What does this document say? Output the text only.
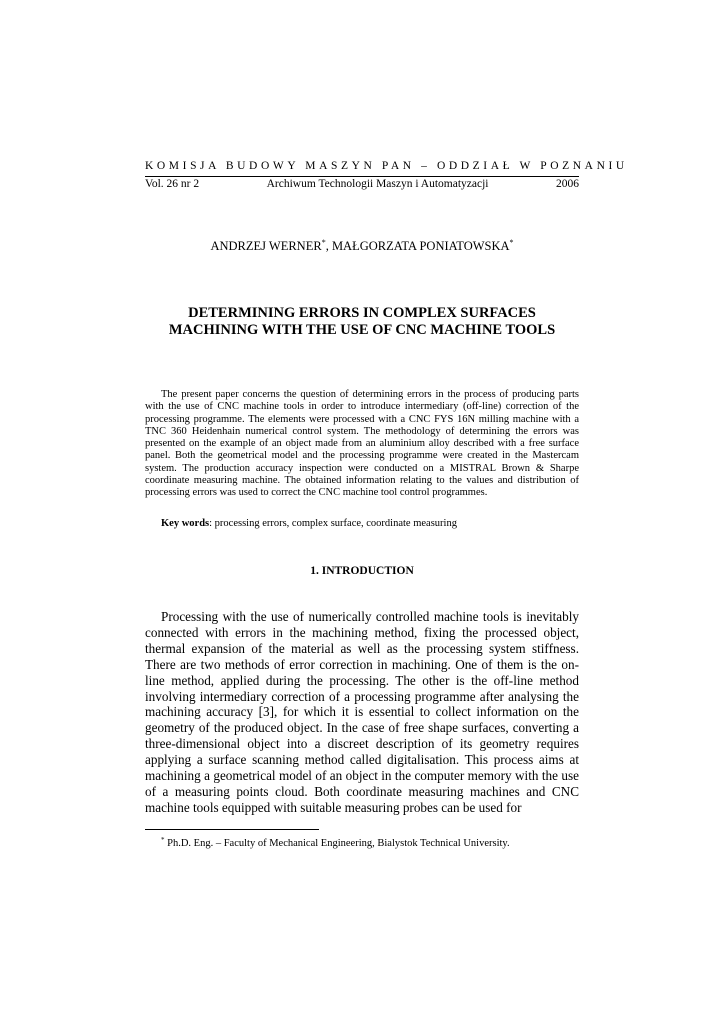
KOMISJA BUDOWY MASZYN PAN – ODDZIAŁ W POZNANIU
Vol. 26 nr 2	Archiwum Technologii Maszyn i Automatyzacji	2006
ANDRZEJ WERNER*, MAŁGORZATA PONIATOWSKA*
DETERMINING ERRORS IN COMPLEX SURFACES
MACHINING WITH THE USE OF CNC MACHINE TOOLS
The present paper concerns the question of determining errors in the process of producing parts with the use of CNC machine tools in order to introduce intermediary (off-line) correction of the processing programme. The elements were processed with a CNC FYS 16N milling machine with a TNC 360 Heidenhain numerical control system. The methodology of determining the errors was presented on the example of an object made from an aluminium alloy described with a free surface panel. Both the geometrical model and the processing programme were created in the Mastercam system. The production accuracy inspection were conducted on a MISTRAL Brown & Sharpe coordinate measuring machine. The obtained information relating to the values and distribution of processing errors was used to correct the CNC machine tool control programmes.
Key words: processing errors, complex surface, coordinate measuring
1. INTRODUCTION
Processing with the use of numerically controlled machine tools is inevitably connected with errors in the machining method, fixing the processed object, thermal expansion of the material as well as the processing system stiffness. There are two methods of error correction in machining. One of them is the on-line method, applied during the processing. The other is the off-line method involving intermediary correction of a processing programme after analysing the machining accuracy [3], for which it is essential to collect information on the geometry of the produced object. In the case of free shape surfaces, converting a three-dimensional object into a discreet description of its geometry requires applying a surface scanning method called digitalisation. This process aims at machining a geometrical model of an object in the computer memory with the use of a measuring points cloud. Both coordinate measuring machines and CNC machine tools equipped with suitable measuring probes can be used for
* Ph.D. Eng. – Faculty of Mechanical Engineering, Bialystok Technical University.
